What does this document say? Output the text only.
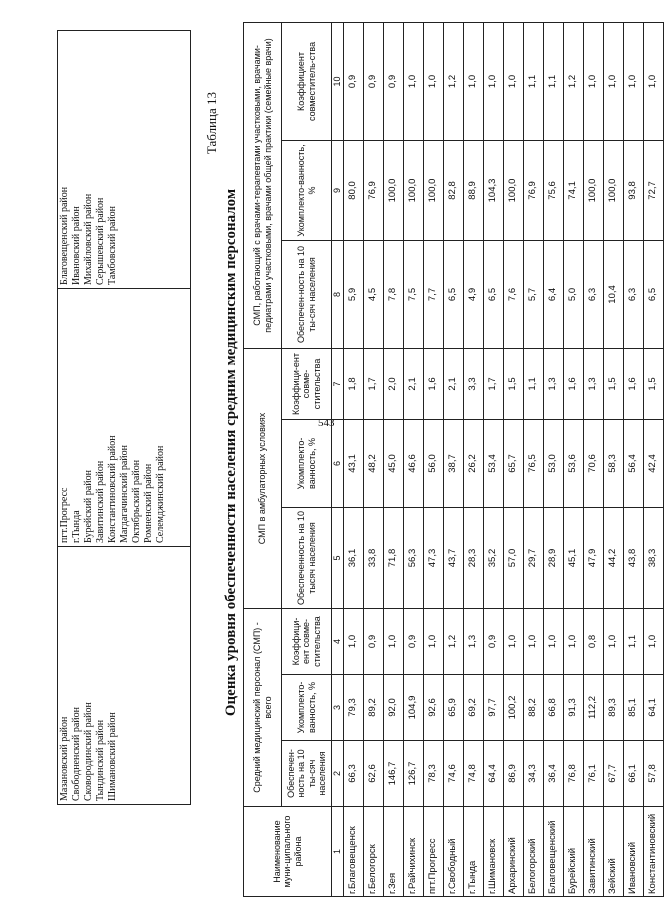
543
Мазановский район Свободненский район Сковородинский район Тындинский район Шимановский район

пгт.Прогресс г.Тында Бурейский район Завитинский район Константиновский район Магдагачинский район Октябрьский район Ромненский район Селемджинский район

Благовещенский район Ивановский район Михайловский район Серышевский район Тамбовский район
Таблица 13
Оценка уровня обеспеченности населения средним медицинским персоналом
Наименование муни-ципального района	Средний медицинский персонал (СМП) - всего			СМП в амбулаторных условиях			СМП, работающий с врачами-терапевтами участковыми, врачами-педиатрами участковыми, врачами общей практики (семейные врачи)		
	Обеспечен-ность на 10 ты-сяч населения	Укомплекто-ванность, %	Коэффици-ент совме-стительства	Обеспеченность на 10 тысяч населения	Укомплекто-ванность, %	Коэффици-ент совме-стительства	Обеспечен-ность на 10 ты-сяч населения	Укомплекто-ванность, %	Коэффициент совместитель-ства
1	2	3	4	5	6	7	8	9	10
г.Благовещенск	66,3	79,3	1,0	36,1	43,1	1,8	5,9	80,0	0,9
г.Белогорск	62,6	89,2	0,9	33,8	48,2	1,7	4,5	76,9	0,9
г.Зея	146,7	92,0	1,0	71,8	45,0	2,0	7,8	100,0	0,9
г.Райчихинск	126,7	104,9	0,9	56,3	46,6	2,1	7,5	100,0	1,0
пгт.Прогресс	78,3	92,6	1,0	47,3	56,0	1,6	7,7	100,0	1,0
г.Свободный	74,6	65,9	1,2	43,7	38,7	2,1	6,5	82,8	1,2
г.Тында	74,8	69,2	1,3	28,3	26,2	3,3	4,9	88,9	1,0
г.Шимановск	64,4	97,7	0,9	35,2	53,4	1,7	6,5	104,3	1,0
Архаринский	86,9	100,2	1,0	57,0	65,7	1,5	7,6	100,0	1,0
Белогорский	34,3	88,2	1,0	29,7	76,5	1,1	5,7	76,9	1,1
Благовещенский	36,4	66,8	1,0	28,9	53,0	1,3	6,4	75,6	1,1
Бурейский	76,8	91,3	1,0	45,1	53,6	1,6	5,0	74,1	1,2
Завитинский	76,1	112,2	0,8	47,9	70,6	1,3	6,3	100,0	1,0
Зейский	67,7	89,3	1,0	44,2	58,3	1,5	10,4	100,0	1,0
Ивановский	66,1	85,1	1,1	43,8	56,4	1,6	6,3	93,8	1,0
Константиновский	57,8	64,1	1,0	38,3	42,4	1,5	6,5	72,7	1,0
